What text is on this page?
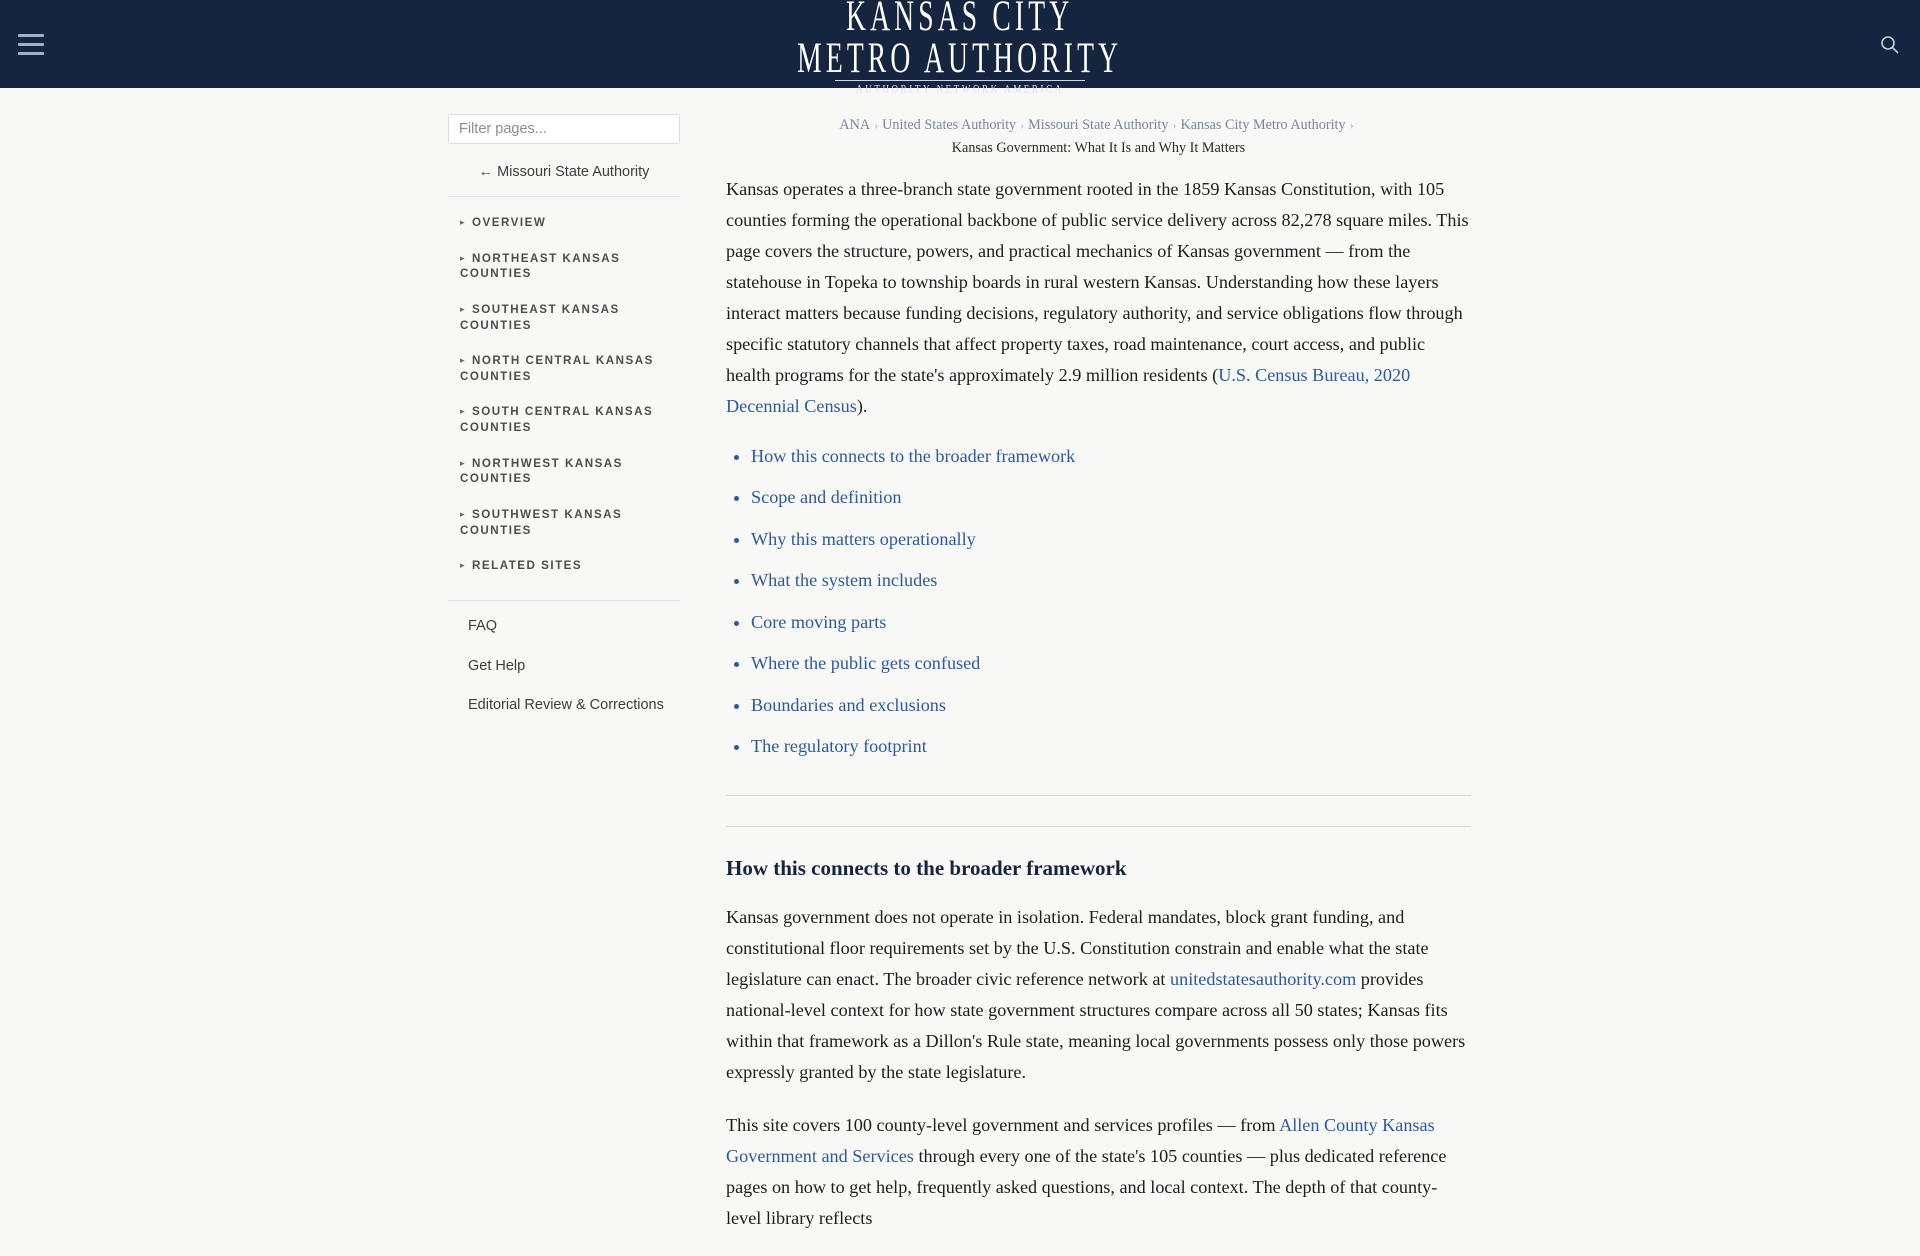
KANSAS CITY
METRO AUTHORITY
AUTHORITY NETWORK AMERICA
Filter pages...
← Missouri State Authority
▸ OVERVIEW
▸ NORTHEAST KANSAS COUNTIES
▸ SOUTHEAST KANSAS COUNTIES
▸ NORTH CENTRAL KANSAS COUNTIES
▸ SOUTH CENTRAL KANSAS COUNTIES
▸ NORTHWEST KANSAS COUNTIES
▸ SOUTHWEST KANSAS COUNTIES
▸ RELATED SITES
FAQ
Get Help
Editorial Review & Corrections
ANA › United States Authority › Missouri State Authority › Kansas City Metro Authority ›
Kansas Government: What It Is and Why It Matters

Kansas operates a three-branch state government rooted in the 1859 Kansas Constitution, with 105 counties forming the operational backbone of public service delivery across 82,278 square miles. This page covers the structure, powers, and practical mechanics of Kansas government — from the statehouse in Topeka to township boards in rural western Kansas. Understanding how these layers interact matters because funding decisions, regulatory authority, and service obligations flow through specific statutory channels that affect property taxes, road maintenance, court access, and public health programs for the state's approximately 2.9 million residents (U.S. Census Bureau, 2020 Decennial Census).

• How this connects to the broader framework
• Scope and definition
• Why this matters operationally
• What the system includes
• Core moving parts
• Where the public gets confused
• Boundaries and exclusions
• The regulatory footprint
How this connects to the broader framework

Kansas government does not operate in isolation. Federal mandates, block grant funding, and constitutional floor requirements set by the U.S. Constitution constrain and enable what the state legislature can enact. The broader civic reference network at unitedstatesauthority.com provides national-level context for how state government structures compare across all 50 states; Kansas fits within that framework as a Dillon's Rule state, meaning local governments possess only those powers expressly granted by the state legislature.

This site covers 100 county-level government and services profiles — from Allen County Kansas Government and Services through every one of the state's 105 counties — plus dedicated reference pages on how to get help, frequently asked questions, and local context. The depth of that county-level library reflects
